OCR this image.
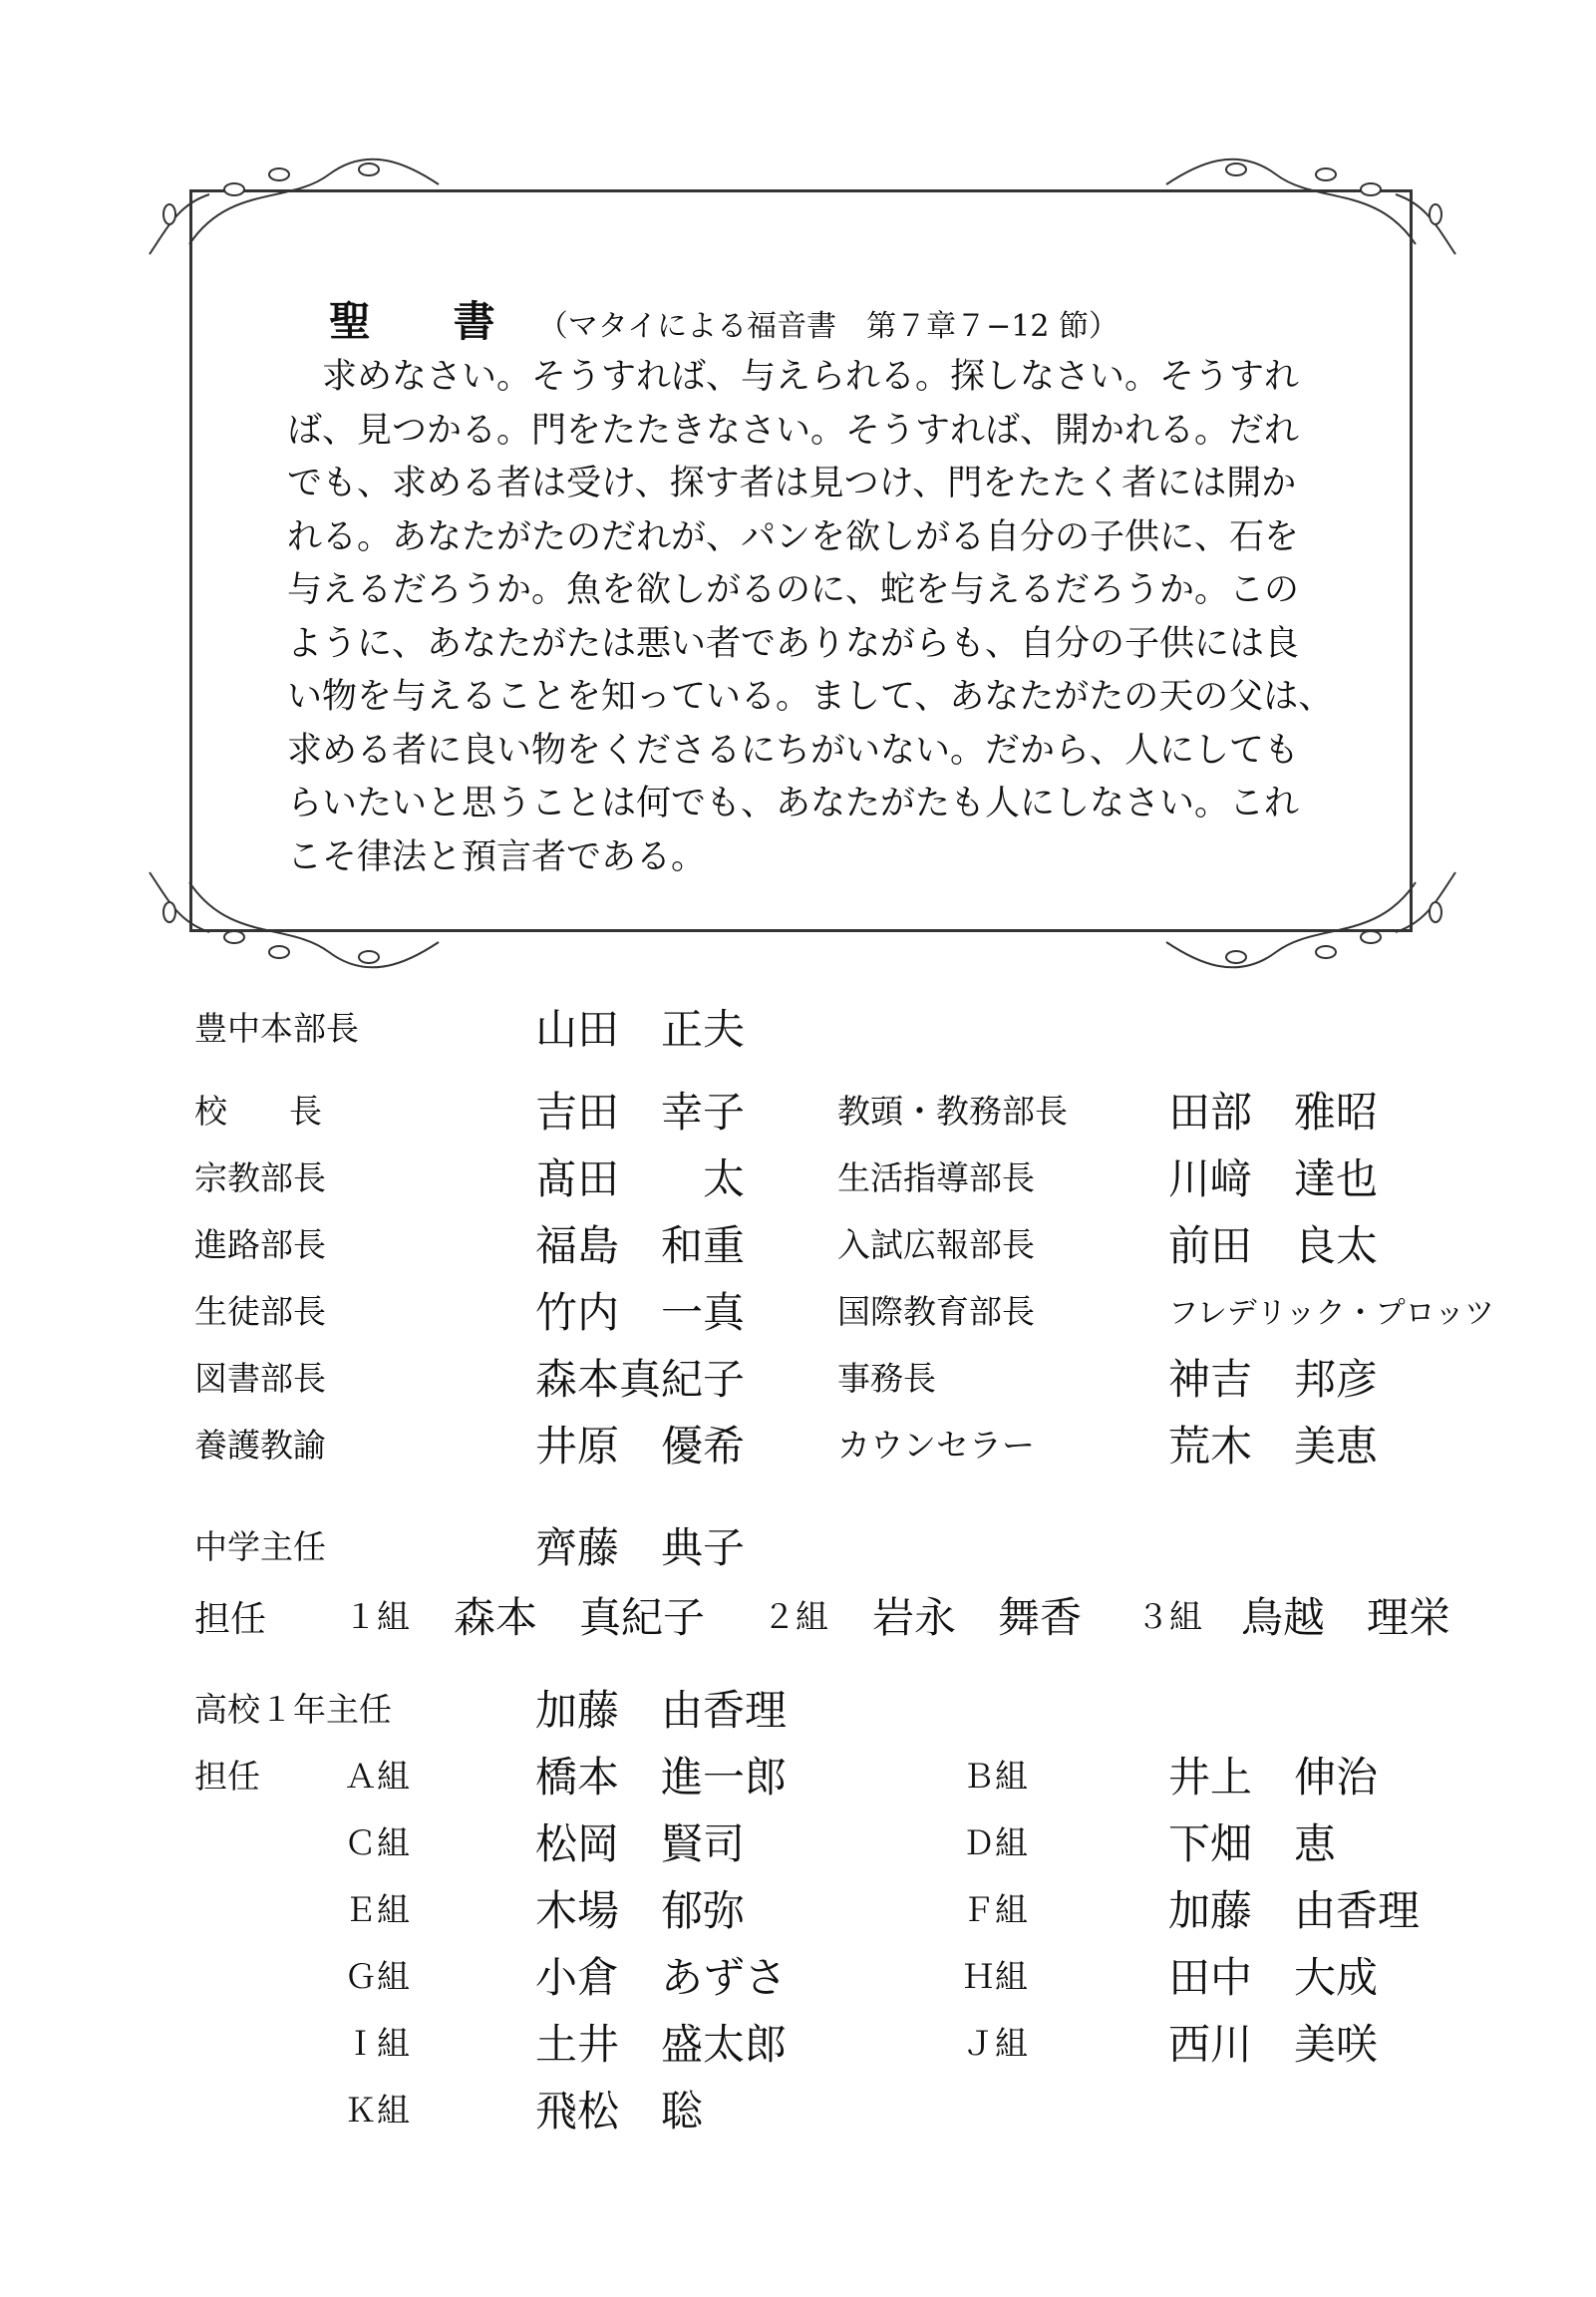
聖 書 （マタイによる福音書　第７章７−12 節）
　求めなさい。そうすれば、与えられる。探しなさい。そうすれ
ば、見つかる。門をたたきなさい。そうすれば、開かれる。だれ
でも、求める者は受け、探す者は見つけ、門をたたく者には開か
れる。あなたがたのだれが、パンを欲しがる自分の子供に、石を
与えるだろうか。魚を欲しがるのに、蛇を与えるだろうか。この
ように、あなたがたは悪い者でありながらも、自分の子供には良
い物を与えることを知っている。まして、あなたがたの天の父は、
求める者に良い物をくださるにちがいない。だから、人にしても
らいたいと思うことは何でも、あなたがたも人にしなさい。これ
こそ律法と預言者である。
豊中本部長	山田　正夫
校長	吉田　幸子	教頭・教務部長 田部　雅昭
宗教部長	髙田　　太	生活指導部長	川﨑　達也
進路部長	福島　和重	入試広報部長	前田　良太
生徒部長	竹内　一真	国際教育部長	フレデリック・プロッツ
図書部長	森本真紀子	事務長	神吉　邦彦
養護教諭	井原　優希	カウンセラー	荒木　美恵
中学主任	齊藤　典子
担任 １組 森本　真紀子 ２組 岩永　舞香 ３組 鳥越　理栄
高校１年主任	加藤　由香理
担任	Ａ組	橋本　進一郎	Ｂ組	井上　伸治
Ｃ組	松岡　賢司	Ｄ組	下畑　恵
Ｅ組	木場　郁弥	Ｆ組	加藤　由香理
Ｇ組	小倉　あずさ	Ｈ組	田中　大成
Ｉ組	土井　盛太郎	Ｊ組	西川　美咲
Ｋ組	飛松　聡
